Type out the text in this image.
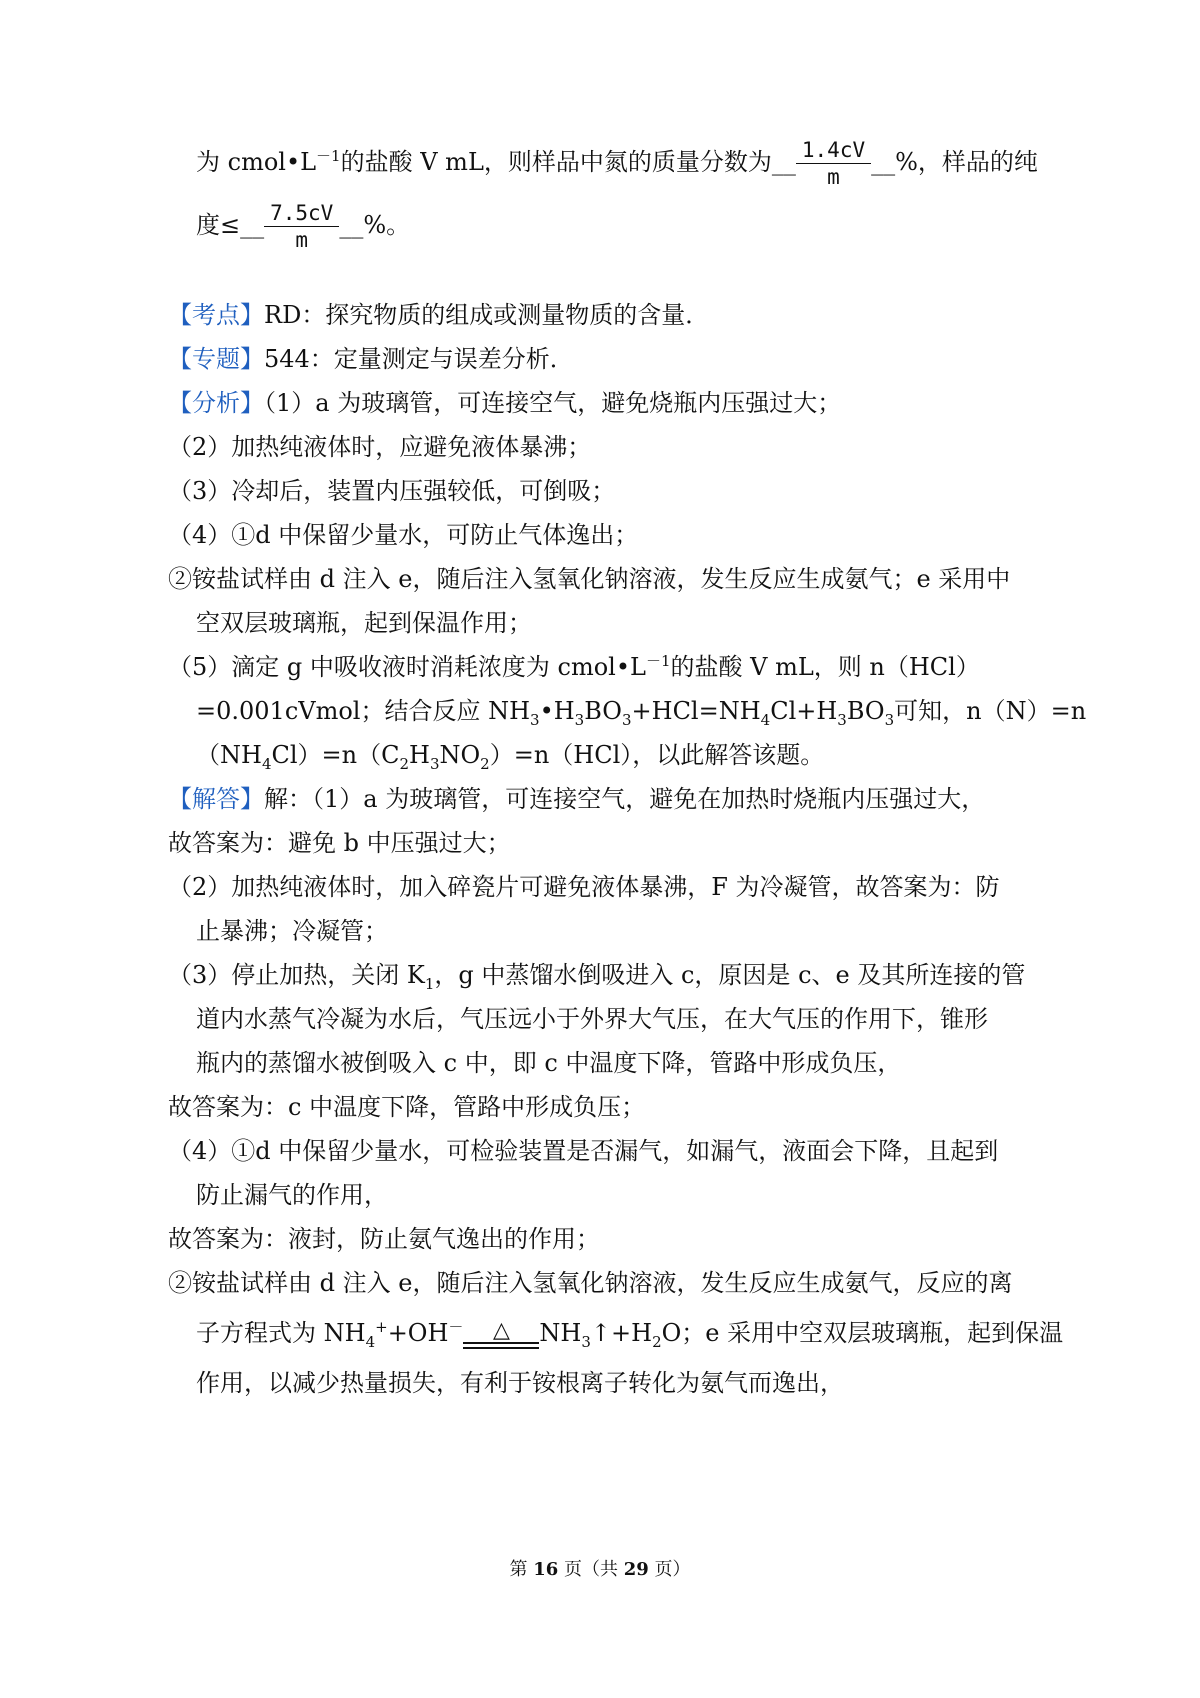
为 $cmol•L^{-1}$的盐酸 V mL，则样品中氮的质量分数为__ $\frac{1.4cV}{m}$ __%，样品的纯
度≤__ $\frac{7.5cV}{m}$ __%。
【考点】RD：探究物质的组成或测量物质的含量．
【专题】544：定量测定与误差分析．
【分析】（1）a 为玻璃管，可连接空气，避免烧瓶内压强过大；
（2）加热纯液体时，应避免液体暴沸；
（3）冷却后，装置内压强较低，可倒吸；
（4）①d 中保留少量水，可防止气体逸出；
②铵盐试样由 d 注入 e，随后注入氢氧化钠溶液，发生反应生成氨气；e 采用中
空双层玻璃瓶，起到保温作用；
（5）滴定 g 中吸收液时消耗浓度为 $cmol•L^{-1}$的盐酸 V mL，则 n（HCl）
=0.001cVmol；结合反应 $NH_3•H_3BO_3+HCl=NH_4Cl+H_3BO_3$可知，n（N）=n
$(NH_4Cl)=n(C_2H_3NO_2)=n(HCl)$，以此解答该题。
【解答】解：（1）a 为玻璃管，可连接空气，避免在加热时烧瓶内压强过大，
故答案为：避免 b 中压强过大；
（2）加热纯液体时，加入碎瓷片可避免液体暴沸，F 为冷凝管，故答案为：防
止暴沸；冷凝管；
（3）停止加热，关闭 $K_1$，g 中蒸馏水倒吸进入 c，原因是 c、e 及其所连接的管
道内水蒸气冷凝为水后，气压远小于外界大气压，在大气压的作用下，锥形
瓶内的蒸馏水被倒吸入 c 中，即 c 中温度下降，管路中形成负压，
故答案为：c 中温度下降，管路中形成负压；
（4）①d 中保留少量水，可检验装置是否漏气，如漏气，液面会下降，且起到
防止漏气的作用，
故答案为：液封，防止氨气逸出的作用；
②铵盐试样由 d 注入 e，随后注入氢氧化钠溶液，发生反应生成氨气，反应的离
子方程式为 $NH_4^++OH^-$	△	$NH_3↑+H_2O$；e 采用中空双层玻璃瓶，起到保温
作用，以减少热量损失，有利于铵根离子转化为氨气而逸出，
第 16 页（共 29 页）
